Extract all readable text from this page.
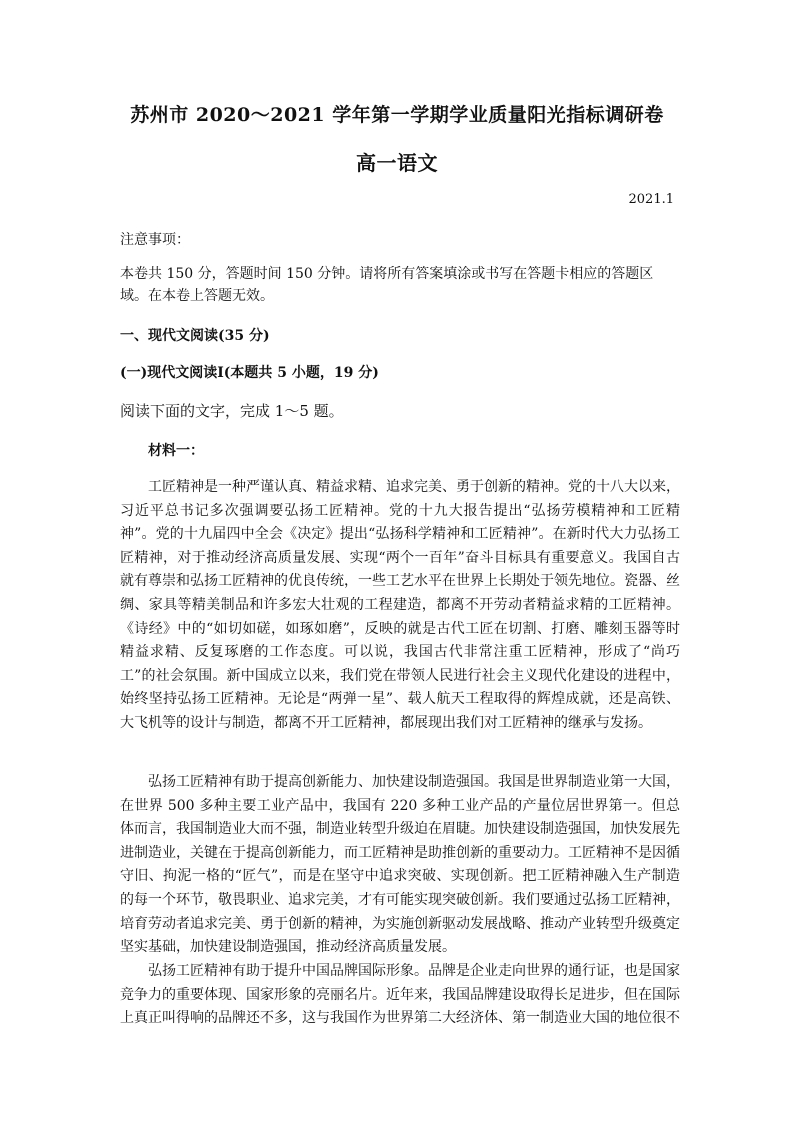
苏州市 2020～2021 学年第一学期学业质量阳光指标调研卷
高一语文
2021.1
注意事项：
本卷共 150 分，答题时间 150 分钟。请将所有答案填涂或书写在答题卡相应的答题区域。在本卷上答题无效。
一、现代文阅读(35 分)
(一)现代文阅读Ⅰ(本题共 5 小题，19 分)
阅读下面的文字，完成 1～5 题。
材料一：

工匠精神是一种严谨认真、精益求精、追求完美、勇于创新的精神。党的十八大以来，习近平总书记多次强调要弘扬工匠精神。党的十九大报告提出“弘扬劳模精神和工匠精神”。党的十九届四中全会《决定》提出“弘扬科学精神和工匠精神”。在新时代大力弘扬工匠精神，对于推动经济高质量发展、实现“两个一百年”奋斗目标具有重要意义。我国自古就有尊崇和弘扬工匠精神的优良传统，一些工艺水平在世界上长期处于领先地位。瓷器、丝绸、家具等精美制品和许多宏大壮观的工程建造，都离不开劳动者精益求精的工匠精神。《诗经》中的“如切如磋，如琢如磨”，反映的就是古代工匠在切割、打磨、雕刻玉器等时精益求精、反复琢磨的工作态度。可以说，我国古代非常注重工匠精神，形成了“尚巧工”的社会氛围。新中国成立以来，我们党在带领人民进行社会主义现代化建设的进程中，始终坚持弘扬工匠精神。无论是“两弹一星”、载人航天工程取得的辉煌成就，还是高铁、大飞机等的设计与制造，都离不开工匠精神，都展现出我们对工匠精神的继承与发扬。

弘扬工匠精神有助于提高创新能力、加快建设制造强国。我国是世界制造业第一大国，在世界 500 多种主要工业产品中，我国有 220 多种工业产品的产量位居世界第一。但总体而言，我国制造业大而不强，制造业转型升级迫在眉睫。加快建设制造强国，加快发展先进制造业，关键在于提高创新能力，而工匠精神是助推创新的重要动力。工匠精神不是因循守旧、拘泥一格的“匠气”，而是在坚守中追求突破、实现创新。把工匠精神融入生产制造的每一个环节，敬畏职业、追求完美，才有可能实现突破创新。我们要通过弘扬工匠精神，培育劳动者追求完美、勇于创新的精神，为实施创新驱动发展战略、推动产业转型升级奠定坚实基础，加快建设制造强国，推动经济高质量发展。

弘扬工匠精神有助于提升中国品牌国际形象。品牌是企业走向世界的通行证，也是国家竞争力的重要体现、国家形象的亮丽名片。近年来，我国品牌建设取得长足进步，但在国际上真正叫得响的品牌还不多，这与我国作为世界第二大经济体、第一制造业大国的地位很不
